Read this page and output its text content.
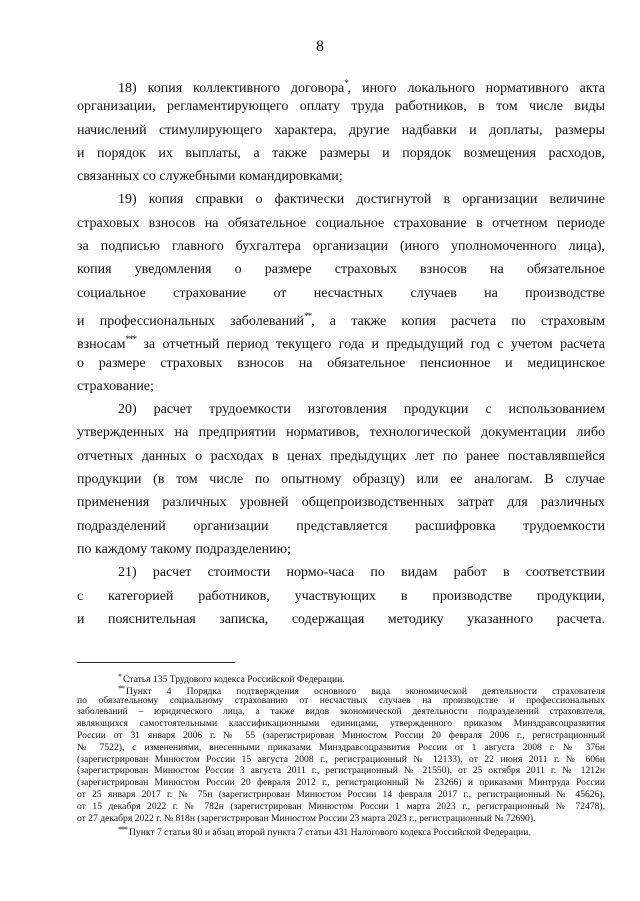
8

18) копия коллективного договора*, иного локального нормативного акта
организации, регламентирующего оплату труда работников, в том числе виды
начислений стимулирующего характера, другие надбавки и доплаты, размеры
и порядок их выплаты, а также размеры и порядок возмещения расходов,
связанных со служебными командировками;

19) копия справки о фактически достигнутой в организации величине
страховых взносов на обязательное социальное страхование в отчетном периоде
за подписью главного бухгалтера организации (иного уполномоченного лица),
копия уведомления о размере страховых взносов на обязательное
социальное страхование от несчастных случаев на производстве
и профессиональных заболеваний**, а также копия расчета по страховым
взносам*** за отчетный период текущего года и предыдущий год с учетом расчета
о размере страховых взносов на обязательное пенсионное и медицинское
страхование;

20) расчет трудоемкости изготовления продукции с использованием
утвержденных на предприятии нормативов, технологической документации либо
отчетных данных о расходах в ценах предыдущих лет по ранее поставлявшейся
продукции (в том числе по опытному образцу) или ее аналогам. В случае
применения различных уровней общепроизводственных затрат для различных
подразделений организации представляется расшифровка трудоемкости
по каждому такому подразделению;

21) расчет стоимости нормо-часа по видам работ в соответствии
с категорией работников, участвующих в производстве продукции,
и пояснительная записка, содержащая методику указанного расчета.

* Статья 135 Трудового кодекса Российской Федерации.
** Пункт 4 Порядка подтверждения основного вида экономической деятельности страхователя
по обязательному социальному страхованию от несчастных случаев на производстве и профессиональных
заболеваний – юридического лица, а также видов экономической деятельности подразделений страхователя,
являющихся самостоятельными классификационными единицами, утвержденного приказом Минздравсоцразвития
России от 31 января 2006 г. № 55 (зарегистрирован Минюстом России 20 февраля 2006 г., регистрационный
№ 7522), с изменениями, внесенными приказами Минздравсоцразвития России от 1 августа 2008 г. № 376н
(зарегистрирован Минюстом России 15 августа 2008 г., регистрационный № 12133), от 22 июня 2011 г. № 606н
(зарегистрирован Минюстом России 3 августа 2011 г., регистрационный № 21550), от 25 октября 2011 г. № 1212н
(зарегистрирован Минюстом России 20 февраля 2012 г., регистрационный № 23266) и приказами Минтруда России
от 25 января 2017 г. № 75н (зарегистрирован Минюстом России 14 февраля 2017 г., регистрационный № 45626),
от 15 декабря 2022 г. № 782н (зарегистрирован Минюстом России 1 марта 2023 г., регистрационный № 72478),
от 27 декабря 2022 г. № 818н (зарегистрирован Минюстом России 23 марта 2023 г., регистрационный № 72690).
*** Пункт 7 статьи 80 и абзац второй пункта 7 статьи 431 Налогового кодекса Российской Федерации.
